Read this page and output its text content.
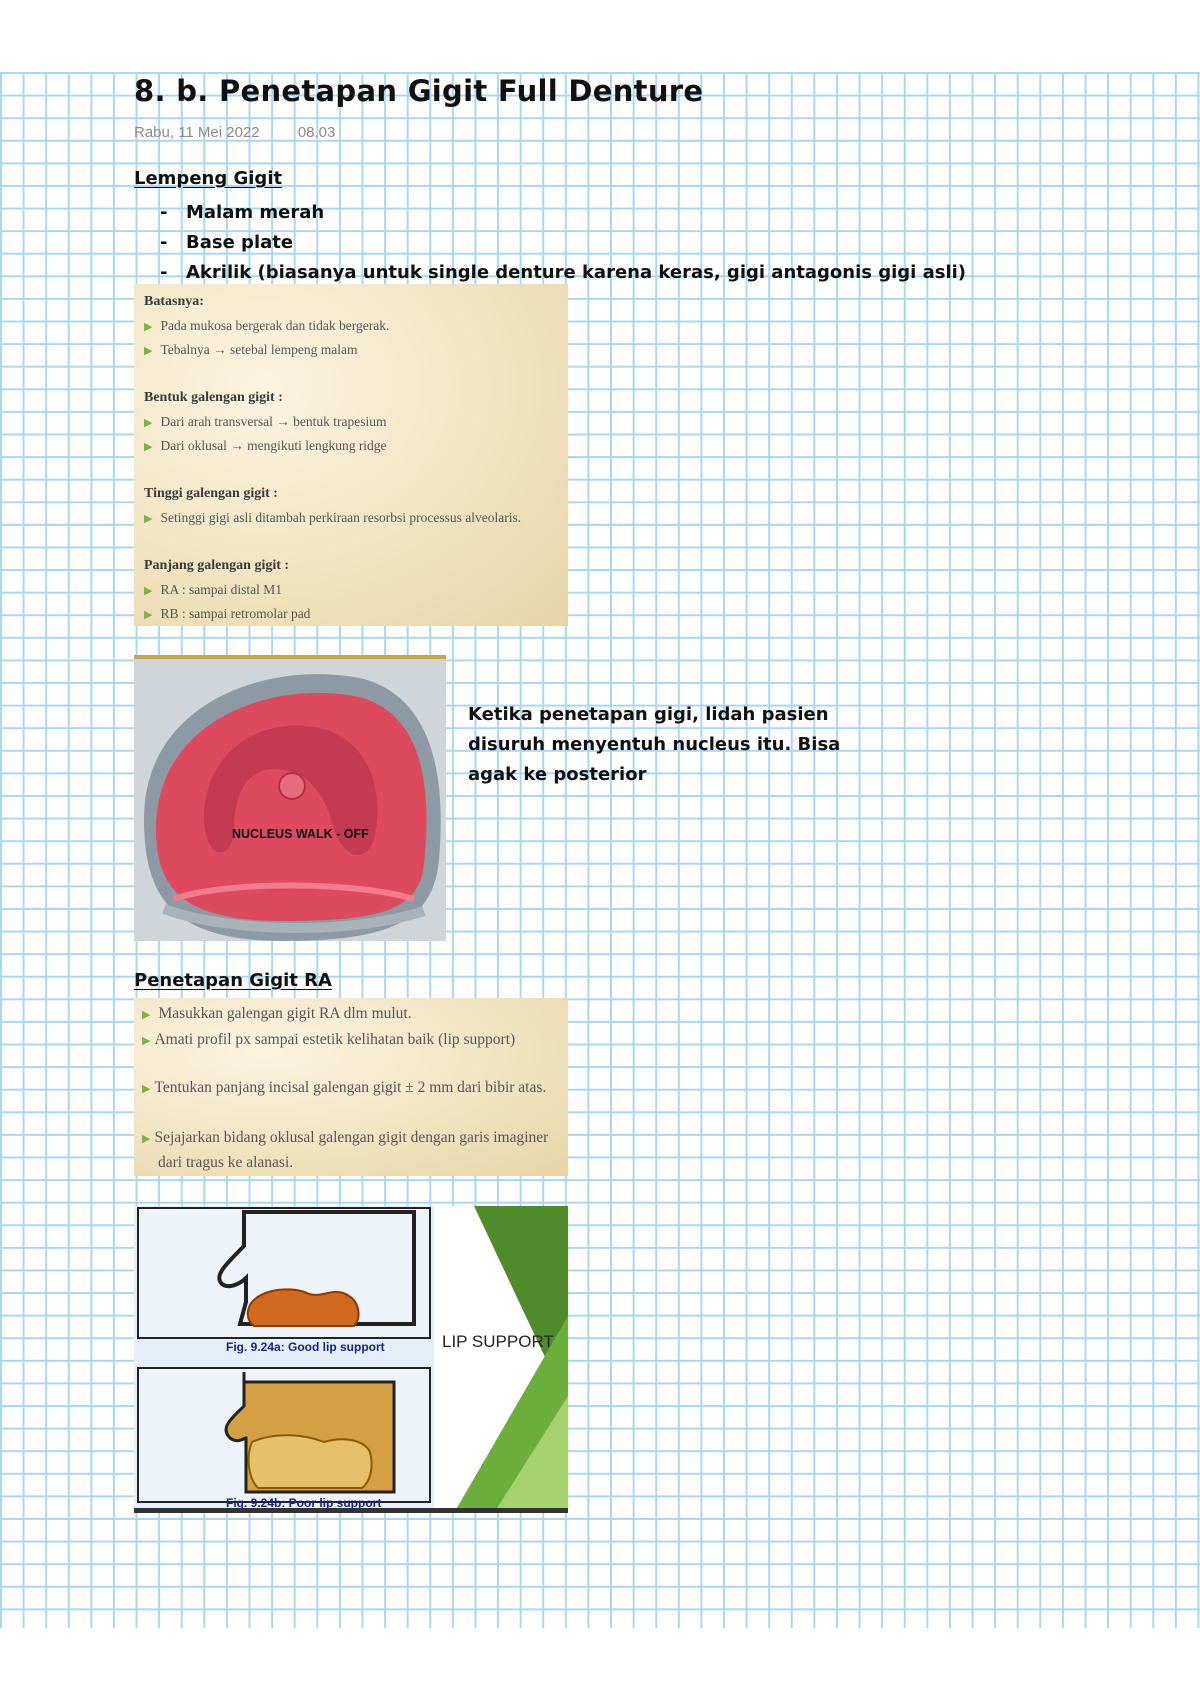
8. b. Penetapan Gigit Full Denture
Rabu, 11 Mei 2022	08.03
Lempeng Gigit
- Malam merah
- Base plate
- Akrilik (biasanya untuk single denture karena keras, gigi antagonis gigi asli)
Batasnya:
▶ Pada mukosa bergerak dan tidak bergerak.
▶ Tebalnya → setebal lempeng malam
Bentuk galengan gigit :
▶ Dari arah transversal → bentuk trapesium
▶ Dari oklusal → mengikuti lengkung ridge
Tinggi galengan gigit :
▶ Setinggi gigi asli ditambah perkiraan resorbsi processus alveolaris.
Panjang galengan gigit :
▶ RA : sampai distal M1
▶ RB : sampai retromolar pad
NUCLEUS WALK - OFF
Ketika penetapan gigi, lidah pasien disuruh menyentuh nucleus itu. Bisa agak ke posterior
Penetapan Gigit RA
▶ Masukkan galengan gigit RA dlm mulut.
▶ Amati profil px sampai estetik kelihatan baik (lip support)
▶ Tentukan panjang incisal galengan gigit ± 2 mm dari bibir atas.
▶ Sejajarkan bidang oklusal galengan gigit dengan garis imaginer dari tragus ke alanasi.
Fig. 9.24a: Good lip support
Fig. 9.24b: Poor lip support
LIP SUPPORT
